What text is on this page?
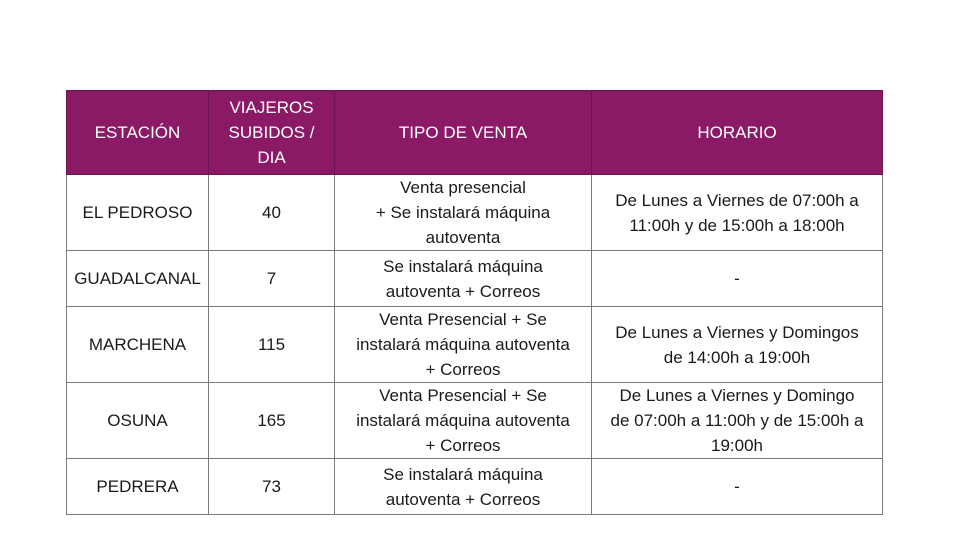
ESTACIÓN	VIAJEROS
SUBIDOS /
DIA	TIPO DE VENTA	HORARIO
EL PEDROSO	40	Venta presencial
+ Se instalará máquina
autoventa	De Lunes a Viernes de 07:00h a
11:00h y de 15:00h a 18:00h
GUADALCANAL	7	Se instalará máquina
autoventa + Correos	-
MARCHENA	115	Venta Presencial + Se
instalará máquina autoventa
+ Correos	De Lunes a Viernes y Domingos
de 14:00h a 19:00h
OSUNA	165	Venta Presencial + Se
instalará máquina autoventa
+ Correos	De Lunes a Viernes y Domingo
de 07:00h a 11:00h y de 15:00h a
19:00h
PEDRERA	73	Se instalará máquina
autoventa + Correos	-
